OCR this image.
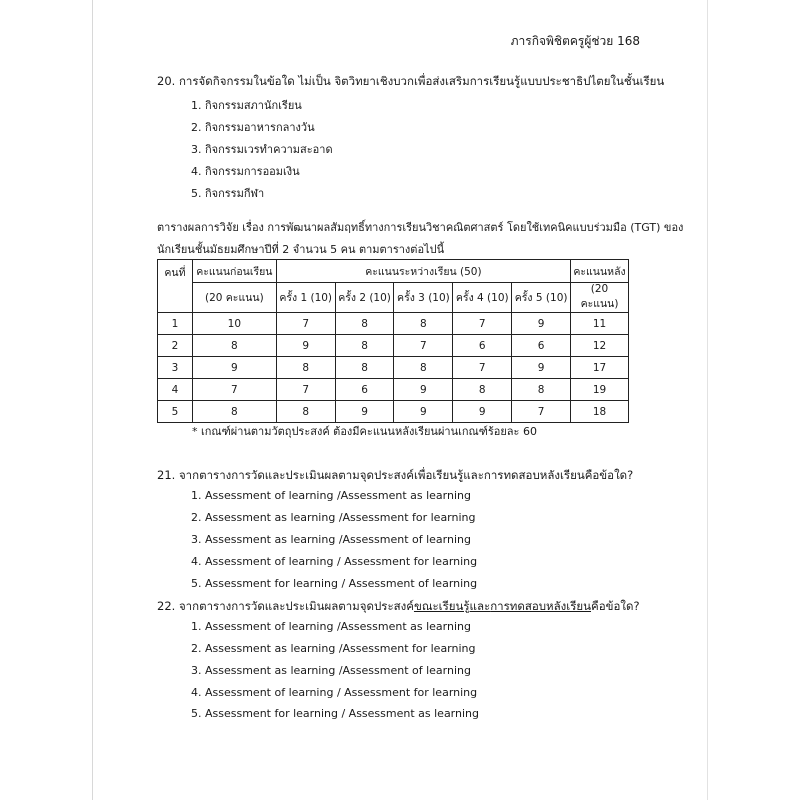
ภารกิจพิชิตครูผู้ช่วย 168
20. การจัดกิจกรรมในข้อใด ไม่เป็น จิตวิทยาเชิงบวกเพื่อส่งเสริมการเรียนรู้แบบประชาธิปไตยในชั้นเรียน
1. กิจกรรมสภานักเรียน
2. กิจกรรมอาหารกลางวัน
3. กิจกรรมเวรทำความสะอาด
4. กิจกรรมการออมเงิน
5. กิจกรรมกีฬา
ตารางผลการวิจัย เรื่อง การพัฒนาผลสัมฤทธิ์ทางการเรียนวิชาคณิตศาสตร์ โดยใช้เทคนิคแบบร่วมมือ (TGT) ของ
นักเรียนชั้นมัธยมศึกษาปีที่ 2 จำนวน 5 คน ตามตารางต่อไปนี้
คนที่	คะแนนก่อนเรียน	คะแนนระหว่างเรียน (50)					คะแนนหลัง
	(20 คะแนน)	ครั้ง 1 (10)	ครั้ง 2 (10)	ครั้ง 3 (10)	ครั้ง 4 (10)	ครั้ง 5 (10)	(20 คะแนน)
1	10	7	8	8	7	9	11
2	8	9	8	7	6	6	12
3	9	8	8	8	7	9	17
4	7	7	6	9	8	8	19
5	8	8	9	9	9	7	18
* เกณฑ์ผ่านตามวัตถุประสงค์ ต้องมีคะแนนหลังเรียนผ่านเกณฑ์ร้อยละ 60
21. จากตารางการวัดและประเมินผลตามจุดประสงค์เพื่อเรียนรู้และการทดสอบหลังเรียนคือข้อใด?
1. Assessment of learning /Assessment as learning
2. Assessment as learning /Assessment for learning
3. Assessment as learning /Assessment of learning
4. Assessment of learning / Assessment for learning
5. Assessment for learning / Assessment of learning
22. จากตารางการวัดและประเมินผลตามจุดประสงค์ขณะเรียนรู้และการทดสอบหลังเรียนคือข้อใด?
1. Assessment of learning /Assessment as learning
2. Assessment as learning /Assessment for learning
3. Assessment as learning /Assessment of learning
4. Assessment of learning / Assessment for learning
5. Assessment for learning / Assessment as learning
